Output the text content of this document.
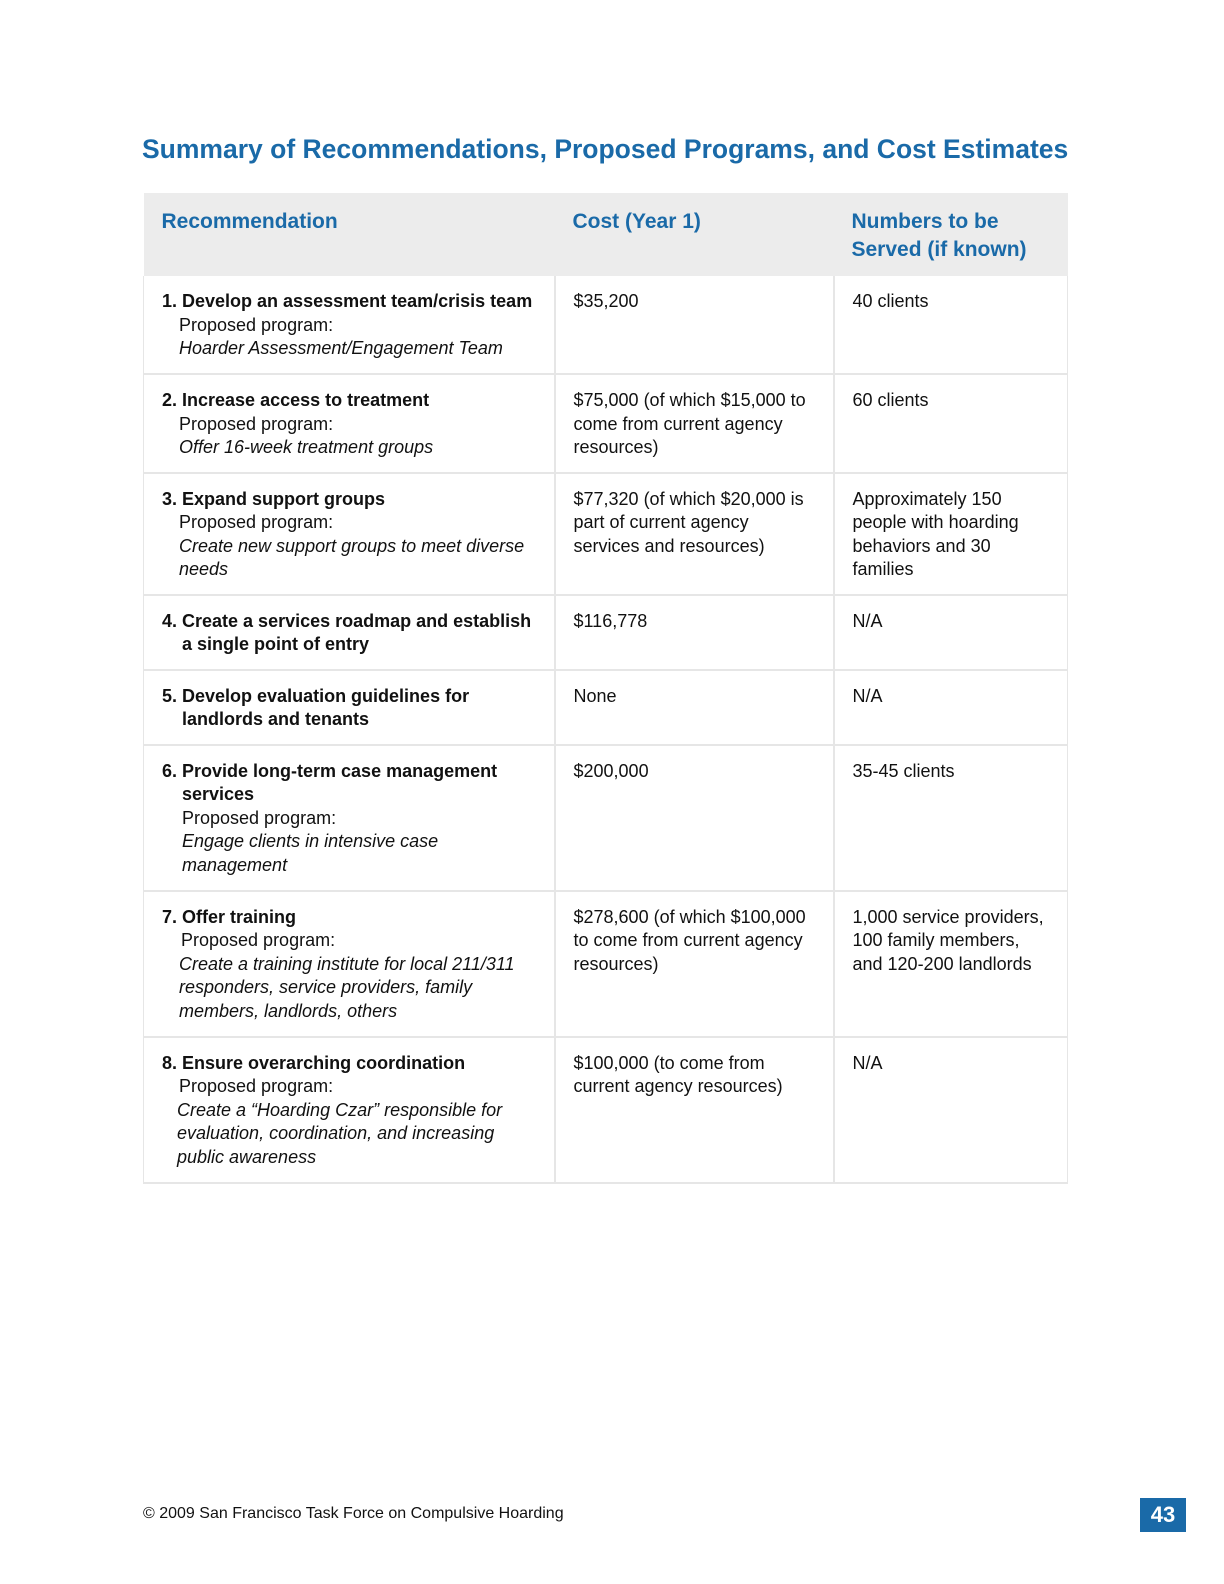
Summary of Recommendations, Proposed Programs, and Cost Estimates
Recommendation	Cost (Year 1)	Numbers to be Served (if known)

1. Develop an assessment team/crisis team
Proposed program:
Hoarder Assessment/Engagement Team	$35,200	40 clients

2. Increase access to treatment
Proposed program:
Offer 16-week treatment groups	$75,000 (of which $15,000 to come from current agency resources)	60 clients

3. Expand support groups
Proposed program:
Create new support groups to meet diverse needs	$77,320 (of which $20,000 is part of current agency services and resources)	Approximately 150 people with hoarding behaviors and 30 families

4. Create a services roadmap and establish a single point of entry	$116,778	N/A

5. Develop evaluation guidelines for landlords and tenants	None	N/A

6. Provide long-term case management services
Proposed program:
Engage clients in intensive case management	$200,000	35-45 clients

7. Offer training
Proposed program:
Create a training institute for local 211/311 responders, service providers, family members, landlords, others	$278,600 (of which $100,000 to come from current agency resources)	1,000 service providers, 100 family members, and 120-200 landlords

8. Ensure overarching coordination
Proposed program:
Create a “Hoarding Czar” responsible for evaluation, coordination, and increasing public awareness	$100,000 (to come from current agency resources)	N/A
© 2009 San Francisco Task Force on Compulsive Hoarding	43
